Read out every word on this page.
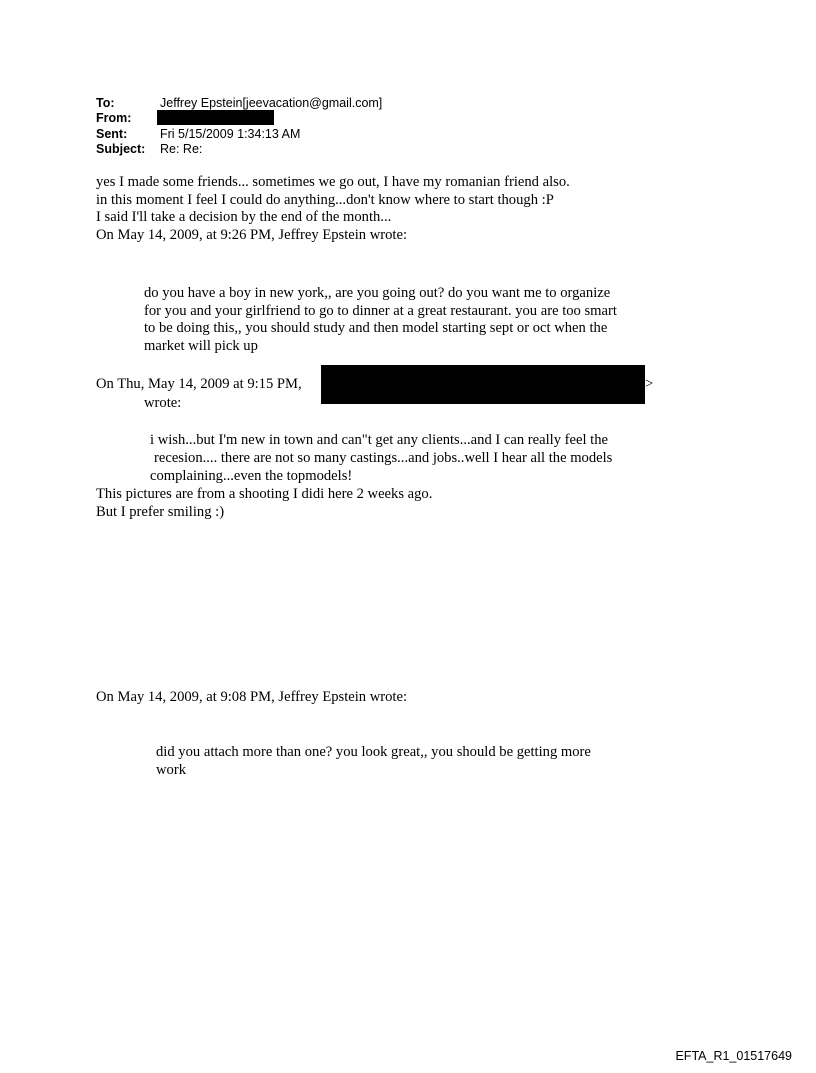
To:	Jeffrey Epstein[jeevacation@gmail.com]
From:
Sent:	Fri 5/15/2009 1:34:13 AM
Subject: Re: Re:
yes I made some friends... sometimes we go out, I have my romanian friend also.
in this moment I feel I could do anything...don't know where to start though :P
I said I'll take a decision by the end of the month...
On May 14, 2009, at 9:26 PM, Jeffrey Epstein wrote:
do you have a boy in new york,, are you going out? do you want me to organize
for you and your girlfriend to go to dinner at a great restaurant. you are too smart
to be doing this,, you should study and then model starting sept or oct when the
market will pick up
On Thu, May 14, 2009 at 9:15 PM,	>
wrote:
i wish...but I'm new in town and can"t get any clients...and I can really feel the
recesion.... there are not so many castings...and jobs..well I hear all the models
complaining...even the topmodels!
This pictures are from a shooting I didi here 2 weeks ago.
But I prefer smiling :)
On May 14, 2009, at 9:08 PM, Jeffrey Epstein wrote:
did you attach more than one? you look great,, you should be getting more
work
EFTA_R1_01517649
